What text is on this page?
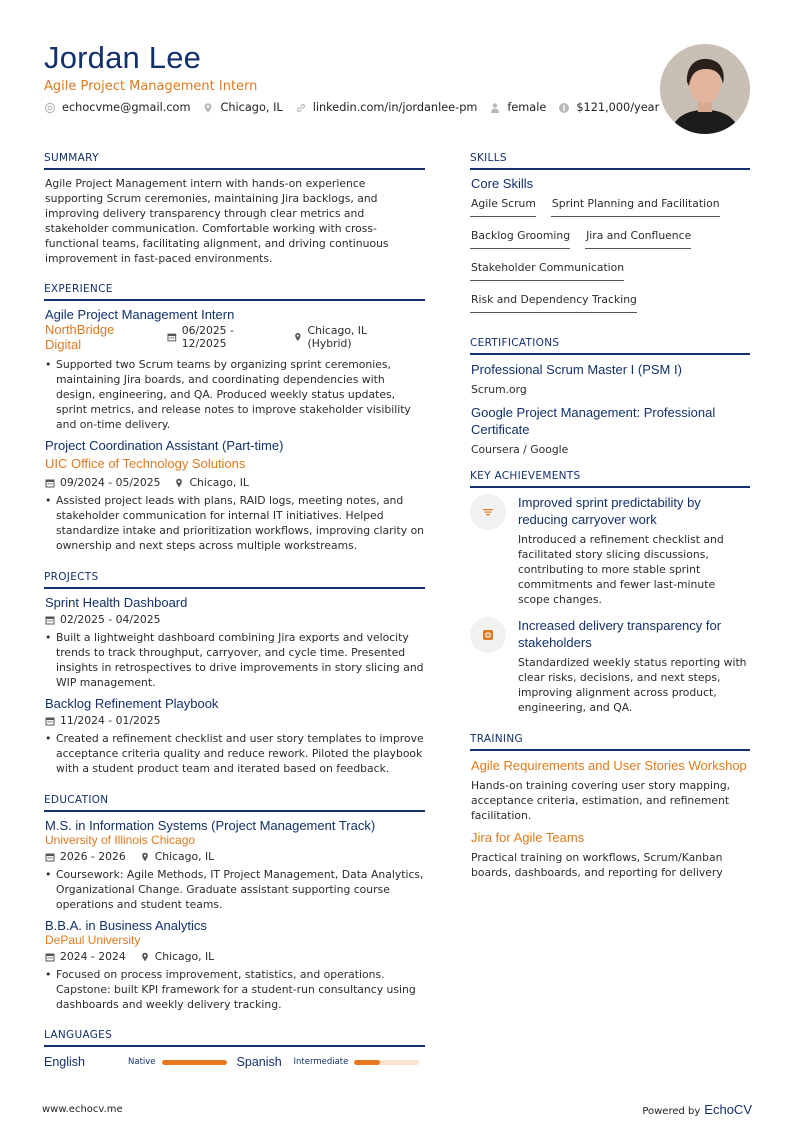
Jordan Lee
Agile Project Management Intern
echocvme@gmail.com	Chicago, IL	linkedin.com/in/jordanlee-pm	female	$121,000/year
SUMMARY
Agile Project Management intern with hands-on experience supporting Scrum ceremonies, maintaining Jira backlogs, and improving delivery transparency through clear metrics and stakeholder communication. Comfortable working with cross-functional teams, facilitating alignment, and driving continuous improvement in fast-paced environments.
EXPERIENCE
Agile Project Management Intern
NorthBridge Digital
06/2025 - 12/2025
Chicago, IL (Hybrid)
• Supported two Scrum teams by organizing sprint ceremonies, maintaining Jira boards, and coordinating dependencies with design, engineering, and QA. Produced weekly status updates, sprint metrics, and release notes to improve stakeholder visibility and on-time delivery.
Project Coordination Assistant (Part-time)
UIC Office of Technology Solutions
09/2024 - 05/2025	Chicago, IL
• Assisted project leads with plans, RAID logs, meeting notes, and stakeholder communication for internal IT initiatives. Helped standardize intake and prioritization workflows, improving clarity on ownership and next steps across multiple workstreams.
PROJECTS
Sprint Health Dashboard
02/2025 - 04/2025
• Built a lightweight dashboard combining Jira exports and velocity trends to track throughput, carryover, and cycle time. Presented insights in retrospectives to drive improvements in story slicing and WIP management.
Backlog Refinement Playbook
11/2024 - 01/2025
• Created a refinement checklist and user story templates to improve acceptance criteria quality and reduce rework. Piloted the playbook with a student product team and iterated based on feedback.
EDUCATION
M.S. in Information Systems (Project Management Track)
University of Illinois Chicago
2026 - 2026	Chicago, IL
• Coursework: Agile Methods, IT Project Management, Data Analytics, Organizational Change. Graduate assistant supporting course operations and student teams.
B.B.A. in Business Analytics
DePaul University
2024 - 2024	Chicago, IL
• Focused on process improvement, statistics, and operations. Capstone: built KPI framework for a student-run consultancy using dashboards and weekly delivery tracking.
LANGUAGES
English	Native	Spanish	Intermediate
SKILLS
Core Skills
Agile Scrum Sprint Planning and Facilitation
Backlog Grooming Jira and Confluence
Stakeholder Communication
Risk and Dependency Tracking
CERTIFICATIONS
Professional Scrum Master I (PSM I)
Scrum.org
Google Project Management: Professional Certificate
Coursera / Google
KEY ACHIEVEMENTS
Improved sprint predictability by reducing carryover work
Introduced a refinement checklist and facilitated story slicing discussions, contributing to more stable sprint commitments and fewer last-minute scope changes.
Increased delivery transparency for stakeholders
Standardized weekly status reporting with clear risks, decisions, and next steps, improving alignment across product, engineering, and QA.
TRAINING
Agile Requirements and User Stories Workshop
Hands-on training covering user story mapping, acceptance criteria, estimation, and refinement facilitation.
Jira for Agile Teams
Practical training on workflows, Scrum/Kanban boards, dashboards, and reporting for delivery
www.echocv.me	Powered by EchoCV
